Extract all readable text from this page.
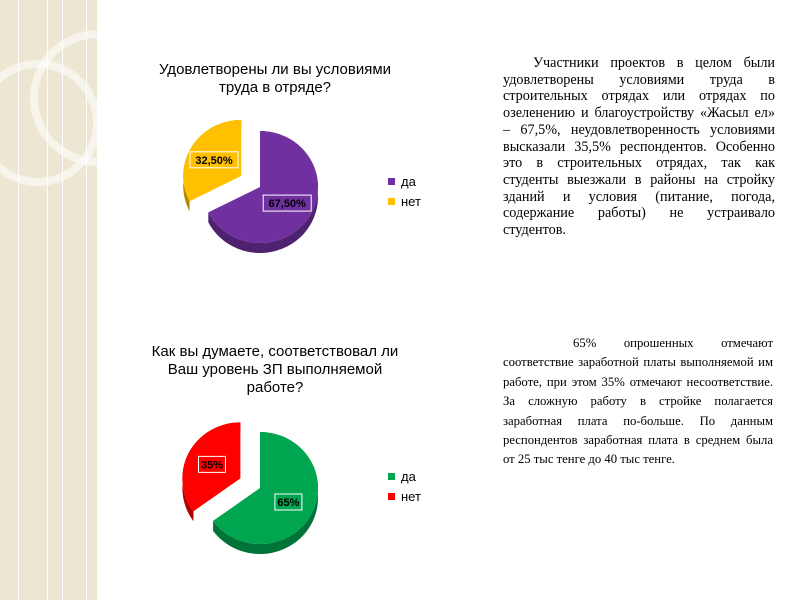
Удовлетворены ли вы условиями
труда в отряде?
67,50%
32,50%
да
нет
Как вы думаете, соответствовал ли
Ваш уровень ЗП выполняемой
работе?
65%
35%
да
нет
Участники проектов в целом были удовлетворены условиями труда в строительных отрядах или отрядах по озеленению и благоустройству «Жасыл ел» – 67,5%, неудовлетворенность условиями высказали 35,5% респондентов. Особенно это в строительных отрядах, так как студенты выезжали в районы на стройку зданий и условия (питание, погода, содержание работы) не устраивало студентов.
65% опрошенных отмечают соответствие заработной платы выполняемой им работе, при этом 35% отмечают несоответствие. За сложную работу в стройке полагается заработная плата по-больше. По данным респондентов заработная плата в среднем была от 25 тыс тенге до 40 тыс тенге.
